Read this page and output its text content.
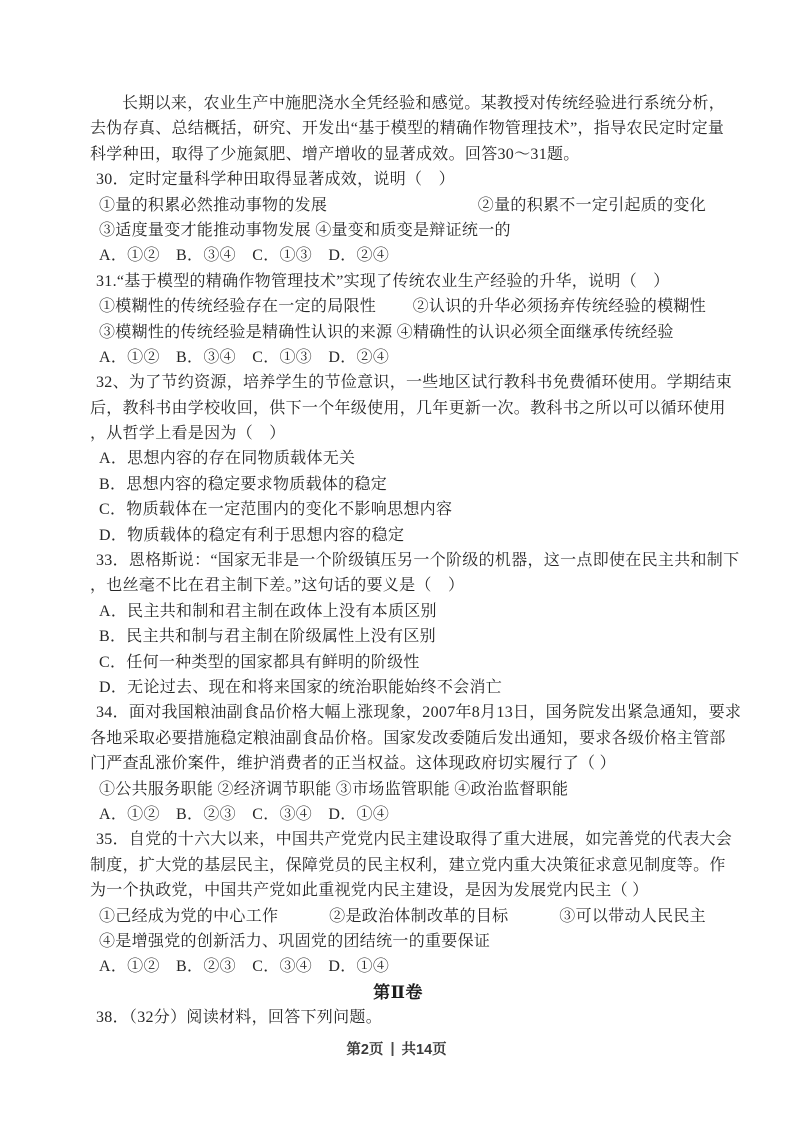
长期以来，农业生产中施肥浇水全凭经验和感觉。某教授对传统经验进行系统分析，
去伪存真、总结概括，研究、开发出“基于模型的精确作物管理技术”，指导农民定时定量
科学种田，取得了少施氮肥、增产增收的显著成效。回答30～31题。
30．定时定量科学种田取得显著成效，说明（　）
①量的积累必然推动事物的发展	②量的积累不一定引起质的变化
③适度量变才能推动事物发展 ④量变和质变是辩证统一的
A．①②　B．③④　C．①③　D．②④
31.“基于模型的精确作物管理技术”实现了传统农业生产经验的升华，说明（　）
①模糊性的传统经验存在一定的局限性 ②认识的升华必须扬弃传统经验的模糊性
③模糊性的传统经验是精确性认识的来源 ④精确性的认识必须全面继承传统经验
A．①②　B．③④　C．①③　D．②④
32、为了节约资源，培养学生的节俭意识，一些地区试行教科书免费循环使用。学期结束
后，教科书由学校收回，供下一个年级使用，几年更新一次。教科书之所以可以循环使用
，从哲学上看是因为（　）
A．思想内容的存在同物质载体无关
B．思想内容的稳定要求物质载体的稳定
C．物质载体在一定范围内的变化不影响思想内容
D．物质载体的稳定有利于思想内容的稳定
33．恩格斯说：“国家无非是一个阶级镇压另一个阶级的机器，这一点即使在民主共和制下
，也丝毫不比在君主制下差。”这句话的要义是（　）
A．民主共和制和君主制在政体上没有本质区别
B．民主共和制与君主制在阶级属性上没有区别
C．任何一种类型的国家都具有鲜明的阶级性
D．无论过去、现在和将来国家的统治职能始终不会消亡
34．面对我国粮油副食品价格大幅上涨现象，2007年8月13日，国务院发出紧急通知，要求
各地采取必要措施稳定粮油副食品价格。国家发改委随后发出通知，要求各级价格主管部
门严查乱涨价案件，维护消费者的正当权益。这体现政府切实履行了（ ）
①公共服务职能 ②经济调节职能 ③市场监管职能 ④政治监督职能
A．①②　B．②③　C．③④　D．①④
35．自党的十六大以来，中国共产党党内民主建设取得了重大进展，如完善党的代表大会
制度，扩大党的基层民主，保障党员的民主权利，建立党内重大决策征求意见制度等。作
为一个执政党，中国共产党如此重视党内民主建设，是因为发展党内民主（ ）
①己经成为党的中心工作	②是政治体制改革的目标	③可以带动人民民主
④是增强党的创新活力、巩固党的团结统一的重要保证
A．①②　B．②③　C．③④　D．①④
第Ⅱ卷
38．（32分）阅读材料，回答下列问题。
第2页 | 共14页
